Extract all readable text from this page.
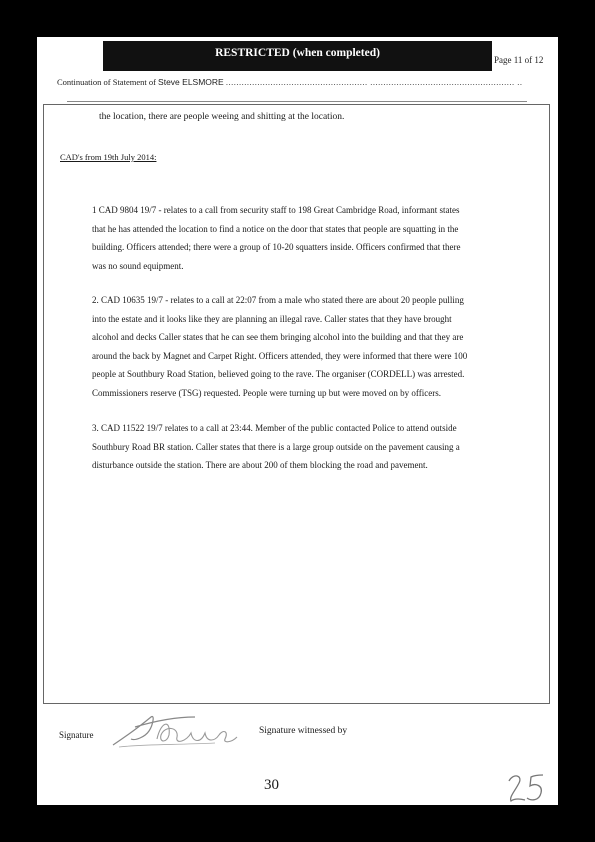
RESTRICTED (when completed)
Page 11 of 12
Continuation of Statement of Steve ELSMORE ...................................................... ....................................................... ..
the location, there are people weeing and shitting at the location.
CAD's from 19th July 2014:
1 CAD 9804 19/7 - relates to a call from security staff to 198 Great Cambridge Road, informant states
that he has attended the location to find a notice on the door that states that people are squatting in the
building. Officers attended; there were a group of 10-20 squatters inside. Officers confirmed that there
was no sound equipment.
2. CAD 10635 19/7 - relates to a call at 22:07 from a male who stated there are about 20 people pulling
into the estate and it looks like they are planning an illegal rave. Caller states that they have brought
alcohol and decks Caller states that he can see them bringing alcohol into the building and that they are
around the back by Magnet and Carpet Right. Officers attended, they were informed that there were 100
people at Southbury Road Station, believed going to the rave. The organiser (CORDELL) was arrested.
Commissioners reserve (TSG) requested. People were turning up but were moved on by officers.
3. CAD 11522 19/7 relates to a call at 23:44. Member of the public contacted Police to attend outside
Southbury Road BR station. Caller states that there is a large group outside on the pavement causing a
disturbance outside the station. There are about 200 of them blocking the road and pavement.
Signature	Signature witnessed by
30
